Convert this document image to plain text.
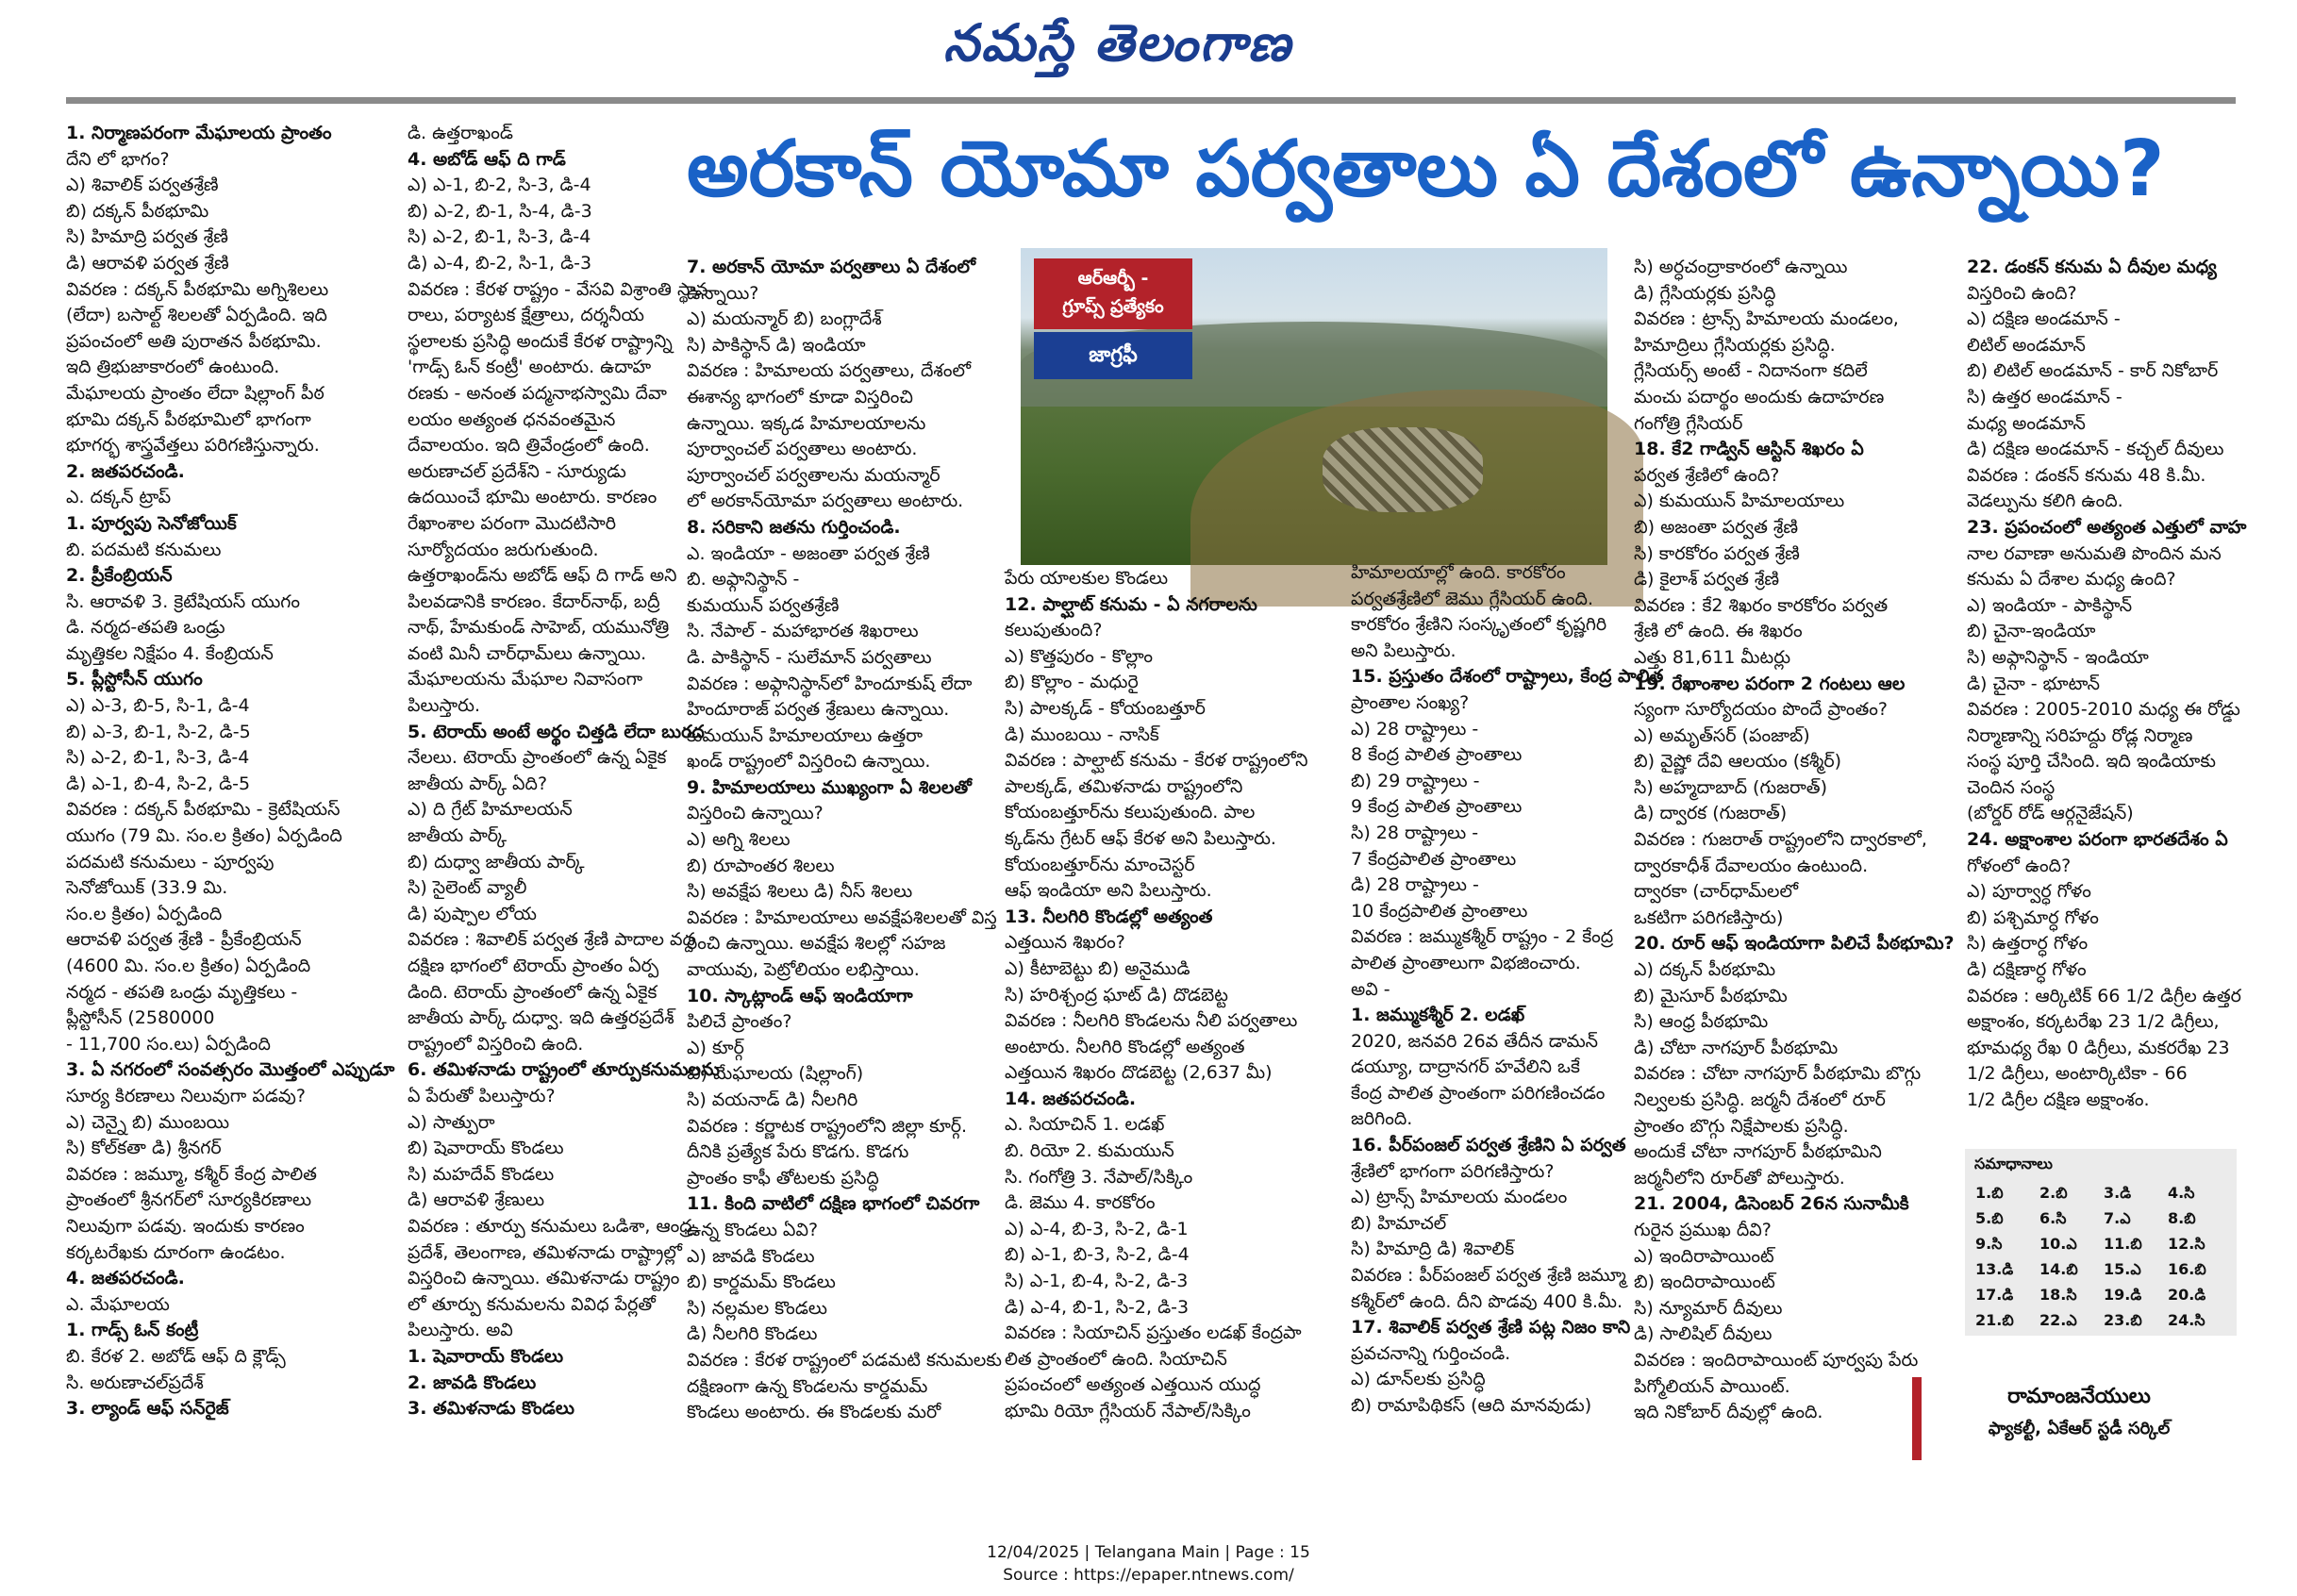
నమస్తే తెలంగాణ
అరకాన్ యోమా పర్వతాలు ఏ దేశంలో ఉన్నాయి?
1. నిర్మాణపరంగా మేఘాలయ ప్రాంతం
దేని లో భాగం?
ఎ) శివాలిక్ పర్వతశ్రేణి
బి) దక్కన్ పీఠభూమి
సి) హిమాద్రి పర్వత శ్రేణి
డి) ఆరావళి పర్వత శ్రేణి
వివరణ : దక్కన్ పీఠభూమి అగ్నిశిలలు
(లేదా) బసాల్ట్ శిలలతో ఏర్పడింది. ఇది
ప్రపంచంలో అతి పురాతన పీఠభూమి.
ఇది త్రిభుజాకారంలో ఉంటుంది.
మేఘాలయ ప్రాంతం లేదా షిల్లాంగ్ పీఠ
భూమి దక్కన్ పీఠభూమిలో భాగంగా
భూగర్భ శాస్త్రవేత్తలు పరిగణిస్తున్నారు.
2. జతపరచండి.
ఎ. దక్కన్ ట్రాప్
1. పూర్వపు సెనోజోయిక్
బి. పదమటి కనుమలు
2. ప్రీకేంబ్రియన్
సి. ఆరావళి 3. క్రెటేషియస్ యుగం
డి. నర్మద-తపతి ఒండ్రు
మృత్తికల నిక్షేపం 4. కేంబ్రియన్
5. ప్లీస్టోసీన్ యుగం
ఎ) ఎ-3, బి-5, సి-1, డి-4
బి) ఎ-3, బి-1, సి-2, డి-5
సి) ఎ-2, బి-1, సి-3, డి-4
డి) ఎ-1, బి-4, సి-2, డి-5
వివరణ : దక్కన్ పీఠభూమి - క్రెటేషియస్
యుగం (79 మి. సం.ల క్రితం) ఏర్పడింది
పదమటి కనుమలు - పూర్వపు
సెనోజోయిక్ (33.9 మి.
సం.ల క్రితం) ఏర్పడింది
ఆరావళి పర్వత శ్రేణి - ప్రీకేంబ్రియన్
(4600 మి. సం.ల క్రితం) ఏర్పడింది
నర్మద - తపతి ఒండ్రు మృత్తికలు -
ప్లీస్టోసీన్ (2580000
- 11,700 సం.లు) ఏర్పడింది
3. ఏ నగరంలో సంవత్సరం మొత్తంలో ఎప్పుడూ
సూర్య కిరణాలు నిలువుగా పడవు?
ఎ) చెన్నై బి) ముంబయి
సి) కోల్‌కతా డి) శ్రీనగర్
వివరణ : జమ్మూ, కశ్మీర్ కేంద్ర పాలిత
ప్రాంతంలో శ్రీనగర్‌లో సూర్యకిరణాలు
నిలువుగా పడవు. ఇందుకు కారణం
కర్కటరేఖకు దూరంగా ఉండటం.
4. జతపరచండి.
ఎ. మేఘాలయ
1. గాడ్స్ ఓన్ కంట్రీ
బి. కేరళ 2. అబోడ్ ఆఫ్ ది క్లౌడ్స్
సి. అరుణాచల్‌ప్రదేశ్
3. ల్యాండ్ ఆఫ్ సన్‌రైజ్
డి. ఉత్తరాఖండ్
4. అబోడ్ ఆఫ్ ది గాడ్
ఎ) ఎ-1, బి-2, సి-3, డి-4
బి) ఎ-2, బి-1, సి-4, డి-3
సి) ఎ-2, బి-1, సి-3, డి-4
డి) ఎ-4, బి-2, సి-1, డి-3
వివరణ : కేరళ రాష్ట్రం - వేసవి విశ్రాంతి స్థావ
రాలు, పర్యాటక క్షేత్రాలు, దర్శనీయ
స్థలాలకు ప్రసిద్ధి అందుకే కేరళ రాష్ట్రాన్ని
'గాడ్స్ ఓన్ కంట్రీ' అంటారు. ఉదాహ
రణకు - అనంత పద్మనాభస్వామి దేవా
లయం అత్యంత ధనవంతమైన
దేవాలయం. ఇది త్రివేండ్రంలో ఉంది.
అరుణాచల్ ప్రదేశ్‌ని - సూర్యుడు
ఉదయించే భూమి అంటారు. కారణం
రేఖాంశాల పరంగా మొదటిసారి
సూర్యోదయం జరుగుతుంది.
ఉత్తరాఖండ్‌ను అబోడ్ ఆఫ్ ది గాడ్ అని
పిలవడానికి కారణం. కేదార్‌నాథ్, బద్రీ
నాథ్, హేమకుండ్ సాహెబ్, యమునోత్రి
వంటి మినీ చార్‌ధామ్‌లు ఉన్నాయి.
మేఘాలయను మేఘాల నివాసంగా
పిలుస్తారు.
5. టెరాయ్ అంటే అర్థం చిత్తడి లేదా బురద
నేలలు. టెరాయ్ ప్రాంతంలో ఉన్న ఏకైక
జాతీయ పార్క్ ఏది?
ఎ) ది గ్రేట్ హిమాలయన్
జాతీయ పార్క్
బి) దుధ్వా జాతీయ పార్క్
సి) సైలెంట్ వ్యాలీ
డి) పుష్పాల లోయ
వివరణ : శివాలిక్ పర్వత శ్రేణి పాదాల వద్ద
దక్షిణ భాగంలో టెరాయ్ ప్రాంతం ఏర్ప
డింది. టెరాయ్ ప్రాంతంలో ఉన్న ఏకైక
జాతీయ పార్క్ దుధ్వా. ఇది ఉత్తరప్రదేశ్
రాష్ట్రంలో విస్తరించి ఉంది.
6. తమిళనాడు రాష్ట్రంలో తూర్పుకనుమలను
ఏ పేరుతో పిలుస్తారు?
ఎ) సాత్పురా
బి) షెవారాయ్ కొండలు
సి) మహదేవ్ కొండలు
డి) ఆరావళి శ్రేణులు
వివరణ : తూర్పు కనుమలు ఒడిశా, ఆంధ్ర
ప్రదేశ్, తెలంగాణ, తమిళనాడు రాష్ట్రాల్లో
విస్తరించి ఉన్నాయి. తమిళనాడు రాష్ట్రం
లో తూర్పు కనుమలను వివిధ పేర్లతో
పిలుస్తారు. అవి
1. షెవారాయ్ కొండలు
2. జావడి కొండలు
3. తమిళనాడు కొండలు
7. అరకాన్ యోమా పర్వతాలు ఏ దేశంలో
ఉన్నాయి?
ఎ) మయన్మార్ బి) బంగ్లాదేశ్
సి) పాకిస్థాన్ డి) ఇండియా
వివరణ : హిమాలయ పర్వతాలు, దేశంలో
ఈశాన్య భాగంలో కూడా విస్తరించి
ఉన్నాయి. ఇక్కడ హిమాలయాలను
పూర్వాంచల్ పర్వతాలు అంటారు.
పూర్వాంచల్ పర్వతాలను మయన్మార్
లో అరకాన్‌యోమా పర్వతాలు అంటారు.
8. సరికాని జతను గుర్తించండి.
ఎ. ఇండియా - అజంతా పర్వత శ్రేణి
బి. అఫ్గానిస్థాన్ -
కుమయున్ పర్వతశ్రేణి
సి. నేపాల్ - మహాభారత శిఖరాలు
డి. పాకిస్థాన్ - సులేమాన్ పర్వతాలు
వివరణ : అఫ్గానిస్థాన్‌లో హిందూకుష్ లేదా
హిందూరాజ్ పర్వత శ్రేణులు ఉన్నాయి.
కుమయున్ హిమాలయాలు ఉత్తరా
ఖండ్ రాష్ట్రంలో విస్తరించి ఉన్నాయి.
9. హిమాలయాలు ముఖ్యంగా ఏ శిలలతో
విస్తరించి ఉన్నాయి?
ఎ) అగ్ని శిలలు
బి) రూపాంతర శిలలు
సి) అవక్షేప శిలలు డి) నీస్ శిలలు
వివరణ : హిమాలయాలు అవక్షేపశిలలతో విస్త
రించి ఉన్నాయి. అవక్షేప శిలల్లో సహజ
వాయువు, పెట్రోలియం లభిస్తాయి.
10. స్కాట్లాండ్ ఆఫ్ ఇండియాగా
పిలిచే ప్రాంతం?
ఎ) కూర్గ్
బి) మేఘాలయ (షిల్లాంగ్)
సి) వయనాడ్ డి) నీలగిరి
వివరణ : కర్ణాటక రాష్ట్రంలోని జిల్లా కూర్గ్.
దీనికి ప్రత్యేక పేరు కొడగు. కొడగు
ప్రాంతం కాఫీ తోటలకు ప్రసిద్ధి
11. కింది వాటిలో దక్షిణ భాగంలో చివరగా
ఉన్న కొండలు ఏవి?
ఎ) జావడి కొండలు
బి) కార్డమమ్ కొండలు
సి) నల్లమల కొండలు
డి) నీలగిరి కొండలు
వివరణ : కేరళ రాష్ట్రంలో పడమటి కనుమలకు
దక్షిణంగా ఉన్న కొండలను కార్డమమ్
కొండలు అంటారు. ఈ కొండలకు మరో
ఆర్ఆర్బీ -
గ్రూప్స్ ప్రత్యేకం
జాగ్రఫీ
పేరు యాలకుల కొండలు
12. పాల్ఘాట్ కనుమ - ఏ నగరాలను
కలుపుతుంది?
ఎ) కొత్తపురం - కొల్లాం
బి) కొల్లాం - మధురై
సి) పాలక్కడ్ - కోయంబత్తూర్
డి) ముంబయి - నాసిక్
వివరణ : పాల్ఘాట్ కనుమ - కేరళ రాష్ట్రంలోని
పాలక్కడ్, తమిళనాడు రాష్ట్రంలోని
కోయంబత్తూర్‌ను కలుపుతుంది. పాల
క్కడ్‌ను గ్రేటర్ ఆఫ్ కేరళ అని పిలుస్తారు.
కోయంబత్తూర్‌ను మాంచెస్టర్
ఆఫ్ ఇండియా అని పిలుస్తారు.
13. నీలగిరి కొండల్లో అత్యంత
ఎత్తయిన శిఖరం?
ఎ) కీటాబెట్టు బి) అనైముడి
సి) హరిశ్చంద్ర ఘాట్ డి) దొడబెట్ట
వివరణ : నీలగిరి కొండలను నీలి పర్వతాలు
అంటారు. నీలగిరి కొండల్లో అత్యంత
ఎత్తయిన శిఖరం దొడబెట్ట (2,637 మీ)
14. జతపరచండి.
ఎ. సియాచిన్ 1. లడఖ్
బి. రియో 2. కుమయున్
సి. గంగోత్రి 3. నేపాల్/సిక్కిం
డి. జెము 4. కారకోరం
ఎ) ఎ-4, బి-3, సి-2, డి-1
బి) ఎ-1, బి-3, సి-2, డి-4
సి) ఎ-1, బి-4, సి-2, డి-3
డి) ఎ-4, బి-1, సి-2, డి-3
వివరణ : సియాచిన్ ప్రస్తుతం లడఖ్ కేంద్రపా
లిత ప్రాంతంలో ఉంది. సియాచిన్
ప్రపంచంలో అత్యంత ఎత్తయిన యుద్ధ
భూమి రియో గ్లేసియర్ నేపాల్/సిక్కిం
హిమాలయాల్లో ఉంది. కారకోరం
పర్వతశ్రేణిలో జెము గ్లేసియర్ ఉంది.
కారకోరం శ్రేణిని సంస్కృతంలో కృష్ణగిరి
అని పిలుస్తారు.
15. ప్రస్తుతం దేశంలో రాష్ట్రాలు, కేంద్ర పాలిత
ప్రాంతాల సంఖ్య?
ఎ) 28 రాష్ట్రాలు -
8 కేంద్ర పాలిత ప్రాంతాలు
బి) 29 రాష్ట్రాలు -
9 కేంద్ర పాలిత ప్రాంతాలు
సి) 28 రాష్ట్రాలు -
7 కేంద్రపాలిత ప్రాంతాలు
డి) 28 రాష్ట్రాలు -
10 కేంద్రపాలిత ప్రాంతాలు
వివరణ : జమ్ముకశ్మీర్ రాష్ట్రం - 2 కేంద్ర
పాలిత ప్రాంతాలుగా విభజించారు.
అవి -
1. జమ్ముకశ్మీర్ 2. లడఖ్
2020, జనవరి 26వ తేదీన డామన్
డయ్యూ, దాద్రానగర్ హవేలిని ఒకే
కేంద్ర పాలిత ప్రాంతంగా పరిగణించడం
జరిగింది.
16. పీర్‌పంజల్ పర్వత శ్రేణిని ఏ పర్వత
శ్రేణిలో భాగంగా పరిగణిస్తారు?
ఎ) ట్రాన్స్ హిమాలయ మండలం
బి) హిమాచల్
సి) హిమాద్రి డి) శివాలిక్
వివరణ : పీర్‌పంజల్ పర్వత శ్రేణి జమ్మూ
కశ్మీర్‌లో ఉంది. దీని పొడవు 400 కి.మీ.
17. శివాలిక్ పర్వత శ్రేణి పట్ల నిజం కాని
ప్రవచనాన్ని గుర్తించండి.
ఎ) డూన్‌లకు ప్రసిద్ధి
బి) రామాపిథికస్ (ఆది మానవుడు)
సి) అర్ధచంద్రాకారంలో ఉన్నాయి
డి) గ్లేసియర్లకు ప్రసిద్ధి
వివరణ : ట్రాన్స్ హిమాలయ మండలం,
హిమాద్రిలు గ్లేసియర్లకు ప్రసిద్ధి.
గ్లేసియర్స్ అంటే - నిదానంగా కదిలే
మంచు పదార్థం అందుకు ఉదాహరణ
గంగోత్రి గ్లేసియర్
18. కే2 గాడ్విన్ ఆస్టిన్ శిఖరం ఏ
పర్వత శ్రేణిలో ఉంది?
ఎ) కుమయున్ హిమాలయాలు
బి) అజంతా పర్వత శ్రేణి
సి) కారకోరం పర్వత శ్రేణి
డి) కైలాశ్ పర్వత శ్రేణి
వివరణ : కే2 శిఖరం కారకోరం పర్వత
శ్రేణి లో ఉంది. ఈ శిఖరం
ఎత్తు 81,611 మీటర్లు
19. రేఖాంశాల పరంగా 2 గంటలు ఆల
స్యంగా సూర్యోదయం పొందే ప్రాంతం?
ఎ) అమృత్‌సర్ (పంజాబ్)
బి) వైష్ణో దేవి ఆలయం (కశ్మీర్)
సి) అహ్మదాబాద్ (గుజరాత్)
డి) ద్వారక (గుజరాత్)
వివరణ : గుజరాత్ రాష్ట్రంలోని ద్వారకాలో,
ద్వారకాధీశ్ దేవాలయం ఉంటుంది.
ద్వారకా (చార్‌ధామ్‌లలో
ఒకటిగా పరిగణిస్తారు)
20. రూర్ ఆఫ్ ఇండియాగా పిలిచే పీఠభూమి?
ఎ) దక్కన్ పీఠభూమి
బి) మైసూర్ పీఠభూమి
సి) ఆంధ్ర పీఠభూమి
డి) చోటా నాగపూర్ పీఠభూమి
వివరణ : చోటా నాగపూర్ పీఠభూమి బొగ్గు
నిల్వలకు ప్రసిద్ధి. జర్మనీ దేశంలో రూర్
ప్రాంతం బొగ్గు నిక్షేపాలకు ప్రసిద్ధి.
అందుకే చోటా నాగపూర్ పీఠభూమిని
జర్మనీలోని రూర్‌తో పోలుస్తారు.
21. 2004, డిసెంబర్ 26న సునామీకి
గురైన ప్రముఖ దీవి?
ఎ) ఇందిరాపాయింట్
బి) ఇందిరాపాయింట్
సి) న్యూమార్ దీవులు
డి) సాలిషిల్ దీవులు
వివరణ : ఇందిరాపాయింట్ పూర్వపు పేరు
పిగ్మోలియన్ పాయింట్.
ఇది నికోబార్ దీవుల్లో ఉంది.
22. డంకన్ కనుమ ఏ దీవుల మధ్య
విస్తరించి ఉంది?
ఎ) దక్షిణ అండమాన్ -
లిటిల్ అండమాన్
బి) లిటిల్ అండమాన్ - కార్ నికోబార్
సి) ఉత్తర అండమాన్ -
మధ్య అండమాన్
డి) దక్షిణ అండమాన్ - కచ్చల్ దీవులు
వివరణ : డంకన్ కనుమ 48 కి.మీ.
వెడల్పును కలిగి ఉంది.
23. ప్రపంచంలో అత్యంత ఎత్తులో వాహ
నాల రవాణా అనుమతి పొందిన మన
కనుమ ఏ దేశాల మధ్య ఉంది?
ఎ) ఇండియా - పాకిస్థాన్
బి) చైనా-ఇండియా
సి) అఫ్గానిస్థాన్ - ఇండియా
డి) చైనా - భూటాన్
వివరణ : 2005-2010 మధ్య ఈ రోడ్డు
నిర్మాణాన్ని సరిహద్దు రోడ్ల నిర్మాణ
సంస్థ పూర్తి చేసింది. ఇది ఇండియాకు
చెందిన సంస్థ
(బోర్డర్ రోడ్ ఆర్గనైజేషన్)
24. అక్షాంశాల పరంగా భారతదేశం ఏ
గోళంలో ఉంది?
ఎ) పూర్వార్ధ గోళం
బి) పశ్చిమార్ధ గోళం
సి) ఉత్తరార్ధ గోళం
డి) దక్షిణార్ధ గోళం
వివరణ : ఆర్కిటిక్ 66 1/2 డిగ్రీల ఉత్తర
అక్షాంశం, కర్కటరేఖ 23 1/2 డిగ్రీలు,
భూమధ్య రేఖ 0 డిగ్రీలు, మకరరేఖ 23
1/2 డిగ్రీలు, అంటార్కిటికా - 66
1/2 డిగ్రీల దక్షిణ అక్షాంశం.
సమాధానాలు
1.బి	2.బి	3.డి	4.సి
5.బి	6.సి	7.ఎ	8.బి
9.సి	10.ఎ	11.బి	12.సి
13.డి	14.బి	15.ఎ	16.బి
17.డి	18.సి	19.డి	20.డి
21.బి	22.ఎ	23.బి	24.సి
రామాంజనేయులు
ఫ్యాకల్టీ, ఏకేఆర్ స్టడీ సర్కిల్
12/04/2025 | Telangana Main | Page : 15
Source : https://epaper.ntnews.com/
